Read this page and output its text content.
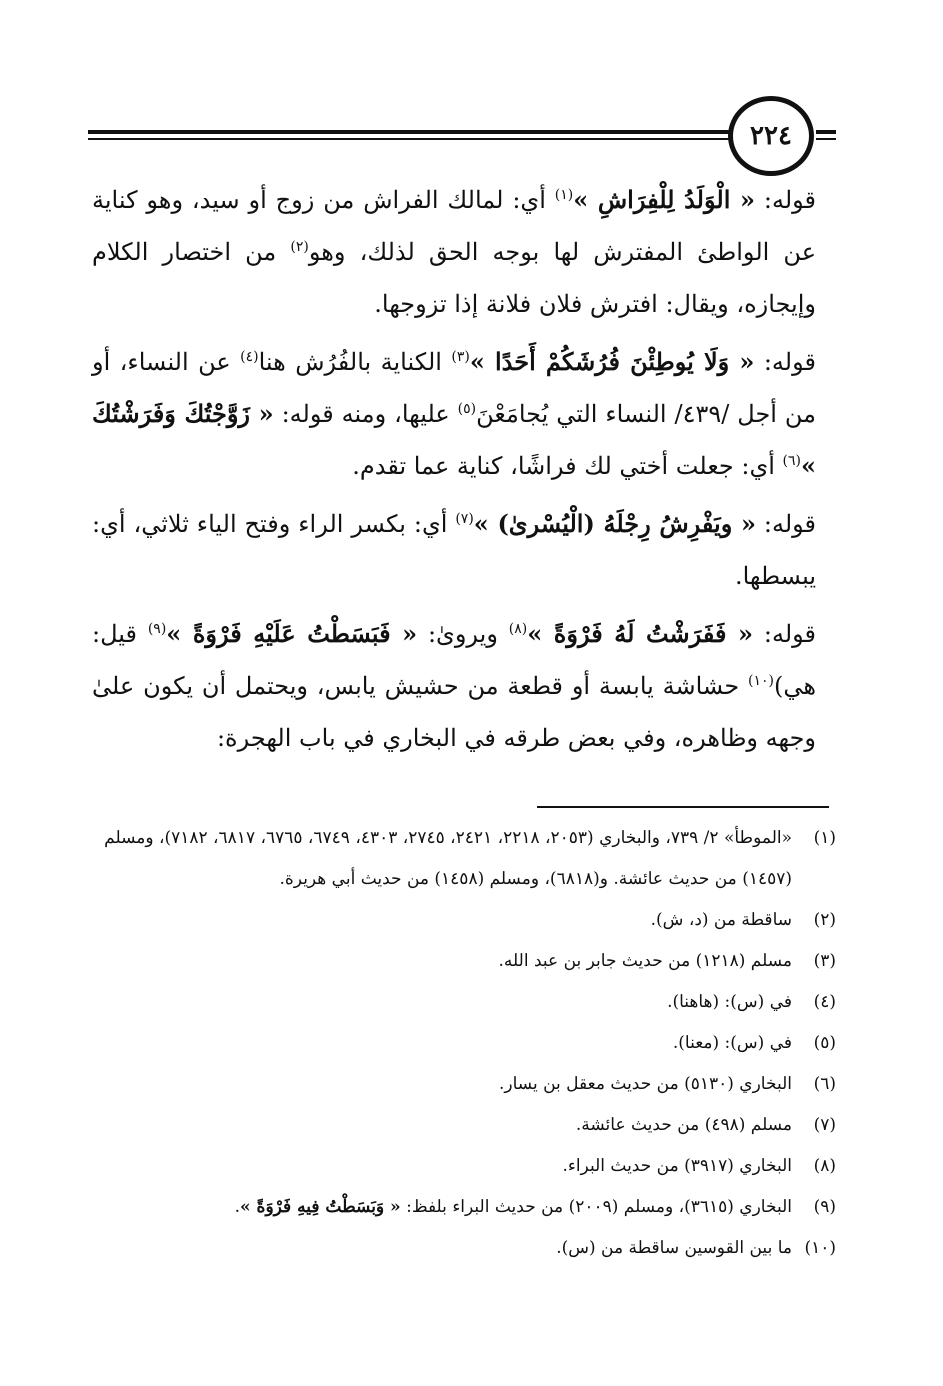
٢٢٤

قوله: « الْوَلَدُ لِلْفِرَاشِ »$^{(١)}$ أي: لمالك الفراش من زوج أو سيد، وهو كناية عن الواطئ المفترش لها بوجه الحق لذلك، وهو$^{(٢)}$ من اختصار الكلام وإيجازه، ويقال: افترش فلان فلانة إذا تزوجها.

قوله: « وَلَا يُوطِئْنَ فُرُشَكُمْ أَحَدًا »$^{(٣)}$ الكناية بالفُرُش هنا$^{(٤)}$ عن النساء، أو من أجل /٤٣٩/ النساء التي يُجامَعْنَ$^{(٥)}$ عليها، ومنه قوله: « زَوَّجْتُكَ وَفَرَشْتُكَ »$^{(٦)}$ أي: جعلت أختي لك فراشًا، كناية عما تقدم.

قوله: « ويَفْرِشُ رِجْلَهُ (الْيُسْرىٰ) »$^{(٧)}$ أي: بكسر الراء وفتح الياء ثلاثي، أي: يبسطها.

قوله: « فَفَرَشْتُ لَهُ فَرْوَةً »$^{(٨)}$ ويروىٰ: « فَبَسَطْتُ عَلَيْهِ فَرْوَةً »$^{(٩)}$ قيل: هي)$^{(١٠)}$ حشاشة يابسة أو قطعة من حشيش يابس، ويحتمل أن يكون علىٰ وجهه وظاهره، وفي بعض طرقه في البخاري في باب الهجرة:

(١)
«الموطأ» ٢/ ٧٣٩، والبخاري (٢٠٥٣، ٢٢١٨، ٢٤٢١، ٢٧٤٥، ٤٣٠٣، ٦٧٤٩، ٦٧٦٥، ٦٨١٧، ٧١٨٢)، ومسلم (١٤٥٧) من حديث عائشة. و(٦٨١٨)، ومسلم (١٤٥٨) من حديث أبي هريرة.
(٢)
ساقطة من (د، ش).
(٣)
مسلم (١٢١٨) من حديث جابر بن عبد الله.
(٤)
في (س): (هاهنا).
(٥)
في (س): (معنا).
(٦)
البخاري (٥١٣٠) من حديث معقل بن يسار.
(٧)
مسلم (٤٩٨) من حديث عائشة.
(٨)
البخاري (٣٩١٧) من حديث البراء.
(٩)
البخاري (٣٦١٥)، ومسلم (٢٠٠٩) من حديث البراء بلفظ: « وَبَسَطْتُ فِيهِ فَرْوَةً ».
(١٠)
ما بين القوسين ساقطة من (س).
